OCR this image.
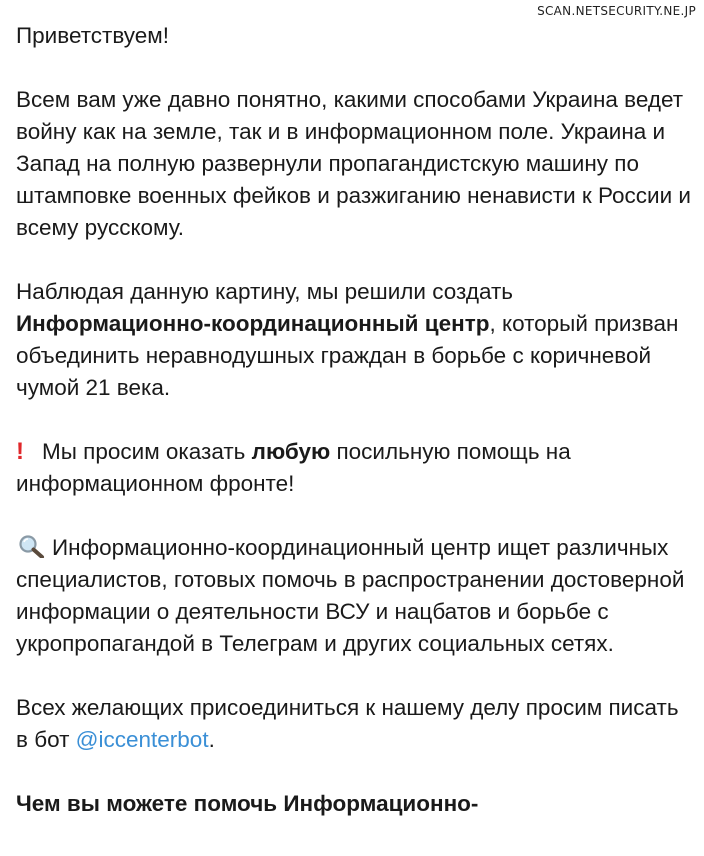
SCAN.NETSECURITY.NE.JP

Приветствуем!

Всем вам уже давно понятно, какими способами Украина ведет войну как на земле, так и в информационном поле. Украина и Запад на полную развернули пропагандистскую машину по штамповке военных фейков и разжиганию ненависти к России и всему русскому.

Наблюдая данную картину, мы решили создать Информационно-координационный центр, который призван объединить неравнодушных граждан в борьбе с коричневой чумой 21 века.

! Мы просим оказать любую посильную помощь на информационном фронте!

Информационно-координационный центр ищет различных специалистов, готовых помочь в распространении достоверной информации о деятельности ВСУ и нацбатов и борьбе с укропропагандой в Телеграм и других социальных сетях.

Всех желающих присоединиться к нашему делу просим писать в бот @iccenterbot.

Чем вы можете помочь Информационно-
